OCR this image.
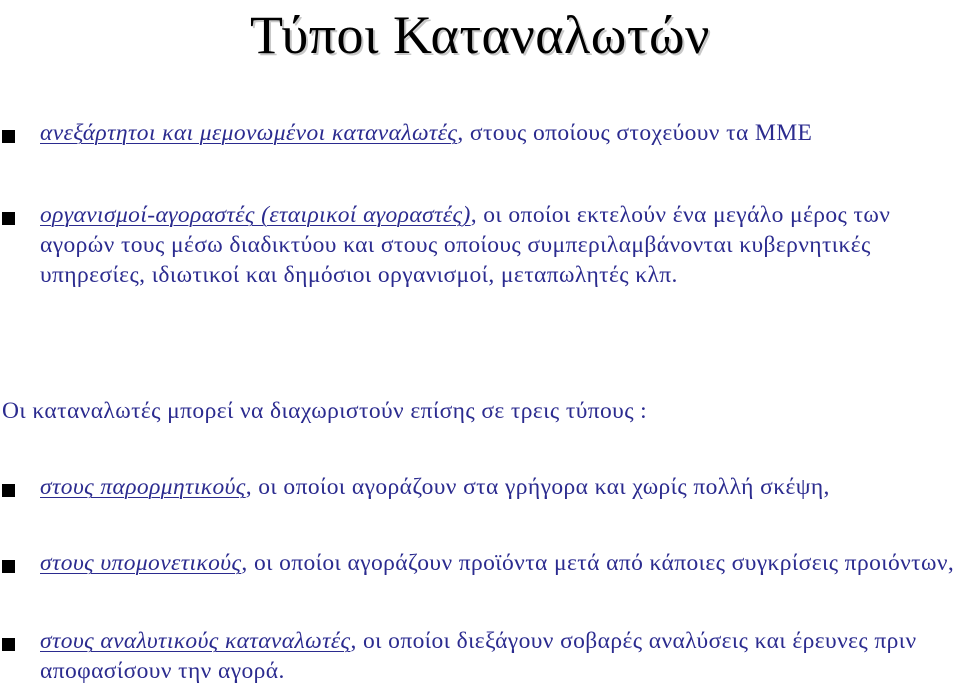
Τύποι Καταναλωτών
ανεξάρτητοι και μεμονωμένοι καταναλωτές, στους οποίους στοχεύουν τα ΜΜΕ
οργανισμοί-αγοραστές (εταιρικοί αγοραστές), οι οποίοι εκτελούν ένα μεγάλο μέρος των αγορών τους μέσω διαδικτύου και στους οποίους συμπεριλαμβάνονται κυβερνητικές υπηρεσίες, ιδιωτικοί και δημόσιοι οργανισμοί, μεταπωλητές κλπ.
Οι καταναλωτές μπορεί να διαχωριστούν επίσης σε τρεις τύπους :
στους παρορμητικούς, οι οποίοι αγοράζουν στα γρήγορα και χωρίς πολλή σκέψη,
στους υπομονετικούς, οι οποίοι αγοράζουν προϊόντα μετά από κάποιες συγκρίσεις προιόντων,
στους αναλυτικούς καταναλωτές, οι οποίοι διεξάγουν σοβαρές αναλύσεις και έρευνες πριν αποφασίσουν την αγορά.
